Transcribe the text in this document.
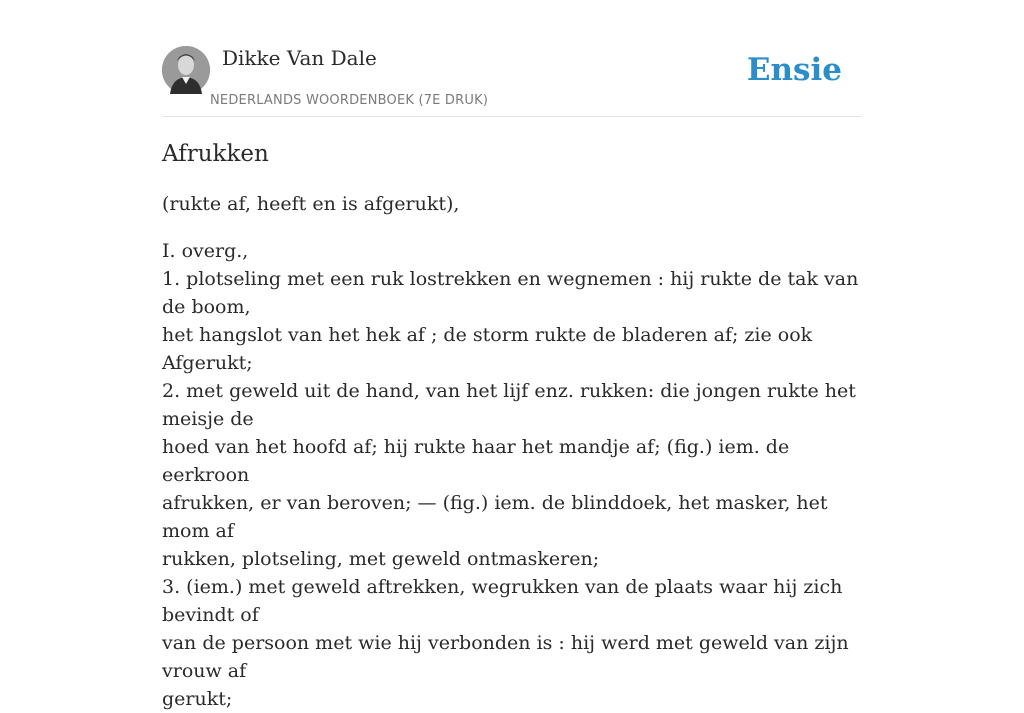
Dikke Van Dale
NEDERLANDS WOORDENBOEK (7E DRUK)
Ensie
Afrukken

(rukte af, heeft en is afgerukt),

I. overg.,
1. plotseling met een ruk lostrekken en wegnemen : hij rukte de tak van de boom,
het hangslot van het hek af ; de storm rukte de bladeren af; zie ook Afgerukt;
2. met geweld uit de hand, van het lijf enz. rukken: die jongen rukte het meisje de
hoed van het hoofd af; hij rukte haar het mandje af; (fig.) iem. de eerkroon
afrukken, er van beroven; — (fig.) iem. de blinddoek, het masker, het mom af
rukken, plotseling, met geweld ontmaskeren;
3. (iem.) met geweld aftrekken, wegrukken van de plaats waar hij zich bevindt of
van de persoon met wie hij verbonden is : hij werd met geweld van zijn vrouw af
gerukt;
